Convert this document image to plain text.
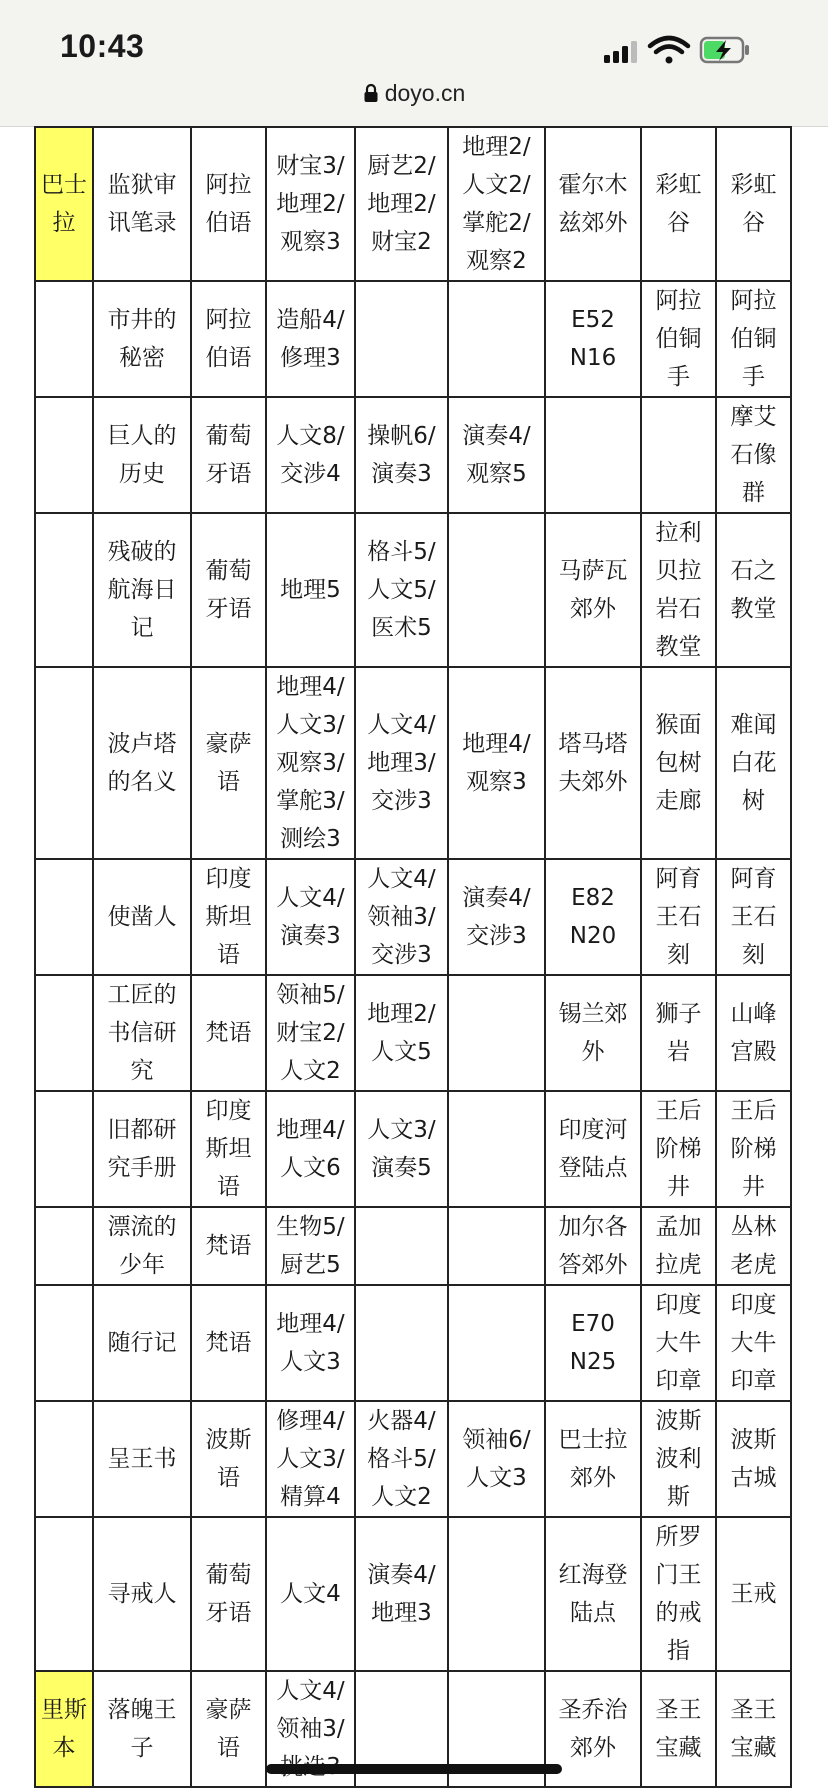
10:43
doyo.cn
巴士拉	监狱审
讯笔录	阿拉
伯语	财宝3/
地理2/
观察3	厨艺2/
地理2/
财宝2	地理2/
人文2/
掌舵2/
观察2	霍尔木
兹郊外	彩虹
谷	彩虹
谷
	市井的
秘密	阿拉
伯语	造船4/
修理3			E52
N16	阿拉
伯铜
手	阿拉
伯铜
手
	巨人的
历史	葡萄
牙语	人文8/
交涉4	操帆6/
演奏3	演奏4/
观察5			摩艾
石像
群
	残破的
航海日
记	葡萄
牙语	地理5	格斗5/
人文5/
医术5		马萨瓦
郊外	拉利
贝拉
岩石
教堂	石之
教堂
	波卢塔
的名义	豪萨
语	地理4/
人文3/
观察3/
掌舵3/
测绘3	人文4/
地理3/
交涉3	地理4/
观察3	塔马塔
夫郊外	猴面
包树
走廊	难闻
白花
树
	使凿人	印度
斯坦
语	人文4/
演奏3	人文4/
领袖3/
交涉3	演奏4/
交涉3	E82
N20	阿育
王石
刻	阿育
王石
刻
	工匠的
书信研
究	梵语	领袖5/
财宝2/
人文2	地理2/
人文5		锡兰郊
外	狮子
岩	山峰
宫殿
	旧都研
究手册	印度
斯坦
语	地理4/
人文6	人文3/
演奏5		印度河
登陆点	王后
阶梯
井	王后
阶梯
井
	漂流的
少年	梵语	生物5/
厨艺5			加尔各
答郊外	孟加
拉虎	丛林
老虎
	随行记	梵语	地理4/
人文3			E70
N25	印度
大牛
印章	印度
大牛
印章
	呈王书	波斯
语	修理4/
人文3/
精算4	火器4/
格斗5/
人文2	领袖6/
人文3	巴士拉
郊外	波斯
波利
斯	波斯
古城
	寻戒人	葡萄
牙语	人文4	演奏4/
地理3		红海登
陆点	所罗
门王
的戒
指	王戒
里斯
本	落魄王
子	豪萨
语	人文4/
领袖3/			圣乔治
郊外	圣王
宝藏	圣王
宝藏
